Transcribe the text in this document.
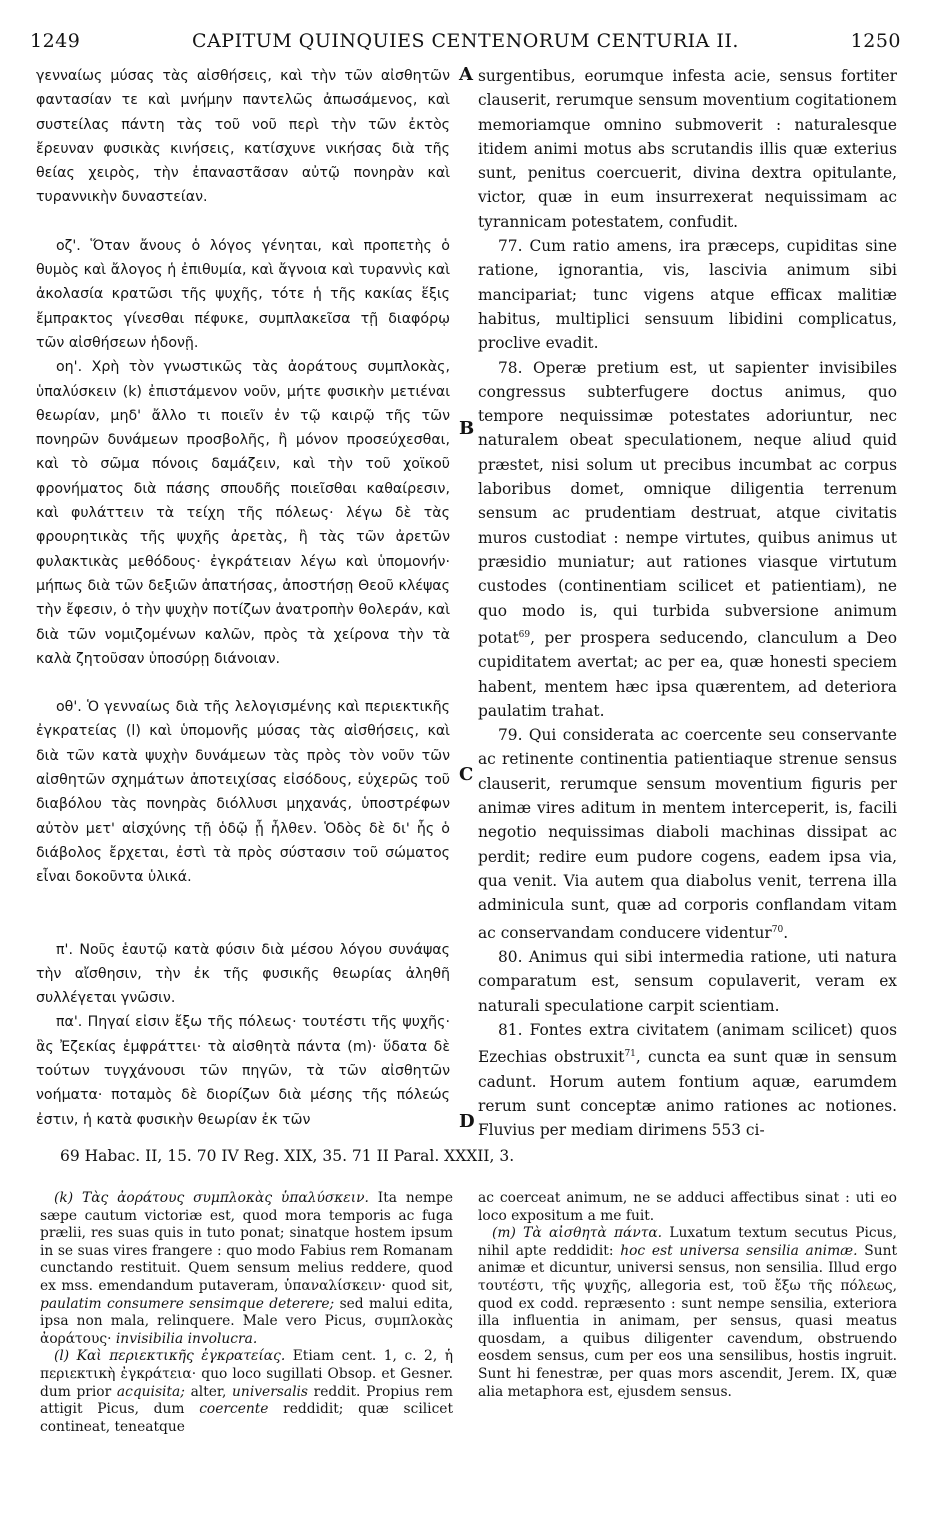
1249	CAPITUM QUINQUIES CENTENORUM CENTURIA II.	1250
A
B
C
D

γενναίως μύσας τὰς αἰσθήσεις, καὶ τὴν τῶν αἰσθητῶν φαντασίαν τε καὶ μνήμην παντελῶς ἀπωσάμενος, καὶ συστείλας πάντη τὰς τοῦ νοῦ περὶ τὴν τῶν ἐκτὸς ἔρευναν φυσικὰς κινήσεις, κατίσχυνε νικήσας διὰ τῆς θείας χειρὸς, τὴν ἐπαναστᾶσαν αὐτῷ πονηρὰν καὶ τυραννικὴν δυναστείαν.

οζ'. Ὅταν ἄνους ὁ λόγος γένηται, καὶ προπετὴς ὁ θυμὸς καὶ ἄλογος ἡ ἐπιθυμία, καὶ ἄγνοια καὶ τυραννὶς καὶ ἀκολασία κρατῶσι τῆς ψυχῆς, τότε ἡ τῆς κακίας ἕξις ἔμπρακτος γίνεσθαι πέφυκε, συμπλακεῖσα τῇ διαφόρῳ τῶν αἰσθήσεων ἡδονῇ.

οη'. Χρὴ τὸν γνωστικῶς τὰς ἀοράτους συμπλοκὰς, ὑπαλύσκειν (k) ἐπιστάμενον νοῦν, μήτε φυσικὴν μετιέναι θεωρίαν, μηδ' ἄλλο τι ποιεῖν ἐν τῷ καιρῷ τῆς τῶν πονηρῶν δυνάμεων προσβολῆς, ἢ μόνον προσεύχεσθαι, καὶ τὸ σῶμα πόνοις δαμάζειν, καὶ τὴν τοῦ χοϊκοῦ φρονήματος διὰ πάσης σπουδῆς ποιεῖσθαι καθαίρεσιν, καὶ φυλάττειν τὰ τείχη τῆς πόλεως· λέγω δὲ τὰς φρουρητικὰς τῆς ψυχῆς ἀρετὰς, ἢ τὰς τῶν ἀρετῶν φυλακτικὰς μεθόδους· ἐγκράτειαν λέγω καὶ ὑπομονήν· μήπως διὰ τῶν δεξιῶν ἀπατήσας, ἀποστήσῃ Θεοῦ κλέψας τὴν ἔφεσιν, ὁ τὴν ψυχὴν ποτίζων ἀνατροπὴν θολεράν, καὶ διὰ τῶν νομιζομένων καλῶν, πρὸς τὰ χείρονα τὴν τὰ καλὰ ζητοῦσαν ὑποσύρῃ διάνοιαν.

οθ'. Ὁ γενναίως διὰ τῆς λελογισμένης καὶ περιεκτικῆς ἐγκρατείας (l) καὶ ὑπομονῆς μύσας τὰς αἰσθήσεις, καὶ διὰ τῶν κατὰ ψυχὴν δυνάμεων τὰς πρὸς τὸν νοῦν τῶν αἰσθητῶν σχημάτων ἀποτειχίσας εἰσόδους, εὐχερῶς τοῦ διαβόλου τὰς πονηρὰς διόλλυσι μηχανάς, ὑποστρέφων αὐτὸν μετ' αἰσχύνης τῇ ὁδῷ ᾗ ἦλθεν. Ὁδὸς δὲ δι' ἧς ὁ διάβολος ἔρχεται, ἐστὶ τὰ πρὸς σύστασιν τοῦ σώματος εἶναι δοκοῦντα ὑλικά.

π'. Νοῦς ἑαυτῷ κατὰ φύσιν διὰ μέσου λόγου συνάψας τὴν αἴσθησιν, τὴν ἐκ τῆς φυσικῆς θεωρίας ἀληθῆ συλλέγεται γνῶσιν.

πα'. Πηγαί εἰσιν ἔξω τῆς πόλεως· τουτέστι τῆς ψυχῆς· ἃς Ἐζεκίας ἐμφράττει· τὰ αἰσθητὰ πάντα (m)· ὕδατα δὲ τούτων τυγχάνουσι τῶν πηγῶν, τὰ τῶν αἰσθητῶν νοήματα· ποταμὸς δὲ διορίζων διὰ μέσης τῆς πόλεώς ἐστιν, ἡ κατὰ φυσικὴν θεωρίαν ἐκ τῶν

surgentibus, eorumque infesta acie, sensus fortiter clauserit, rerumque sensum moventium cogitationem memoriamque omnino submoverit : naturalesque itidem animi motus abs scrutandis illis quæ exterius sunt, penitus coercuerit, divina dextra opitulante, victor, quæ in eum insurrexerat nequissimam ac tyrannicam potestatem, confudit.

77. Cum ratio amens, ira præceps, cupiditas sine ratione, ignorantia, vis, lascivia animum sibi mancipariat; tunc vigens atque efficax malitiæ habitus, multiplici sensuum libidini complicatus, proclive evadit.

78. Operæ pretium est, ut sapienter invisibiles congressus subterfugere doctus animus, quo tempore nequissimæ potestates adoriuntur, nec naturalem obeat speculationem, neque aliud quid præstet, nisi solum ut precibus incumbat ac corpus laboribus domet, omnique diligentia terrenum sensum ac prudentiam destruat, atque civitatis muros custodiat : nempe virtutes, quibus animus ut præsidio muniatur; aut rationes viasque virtutum custodes (continentiam scilicet et patientiam), ne quo modo is, qui turbida subversione animum potat$^{69}$, per prospera seducendo, clanculum a Deo cupiditatem avertat; ac per ea, quæ honesti speciem habent, mentem hæc ipsa quærentem, ad deteriora paulatim trahat.

79. Qui considerata ac coercente seu conservante ac retinente continentia patientiaque strenue sensus clauserit, rerumque sensum moventium figuris per animæ vires aditum in mentem interceperit, is, facili negotio nequissimas diaboli machinas dissipat ac perdit; redire eum pudore cogens, eadem ipsa via, qua venit. Via autem qua diabolus venit, terrena illa adminicula sunt, quæ ad corporis conflandam vitam ac conservandam conducere videntur$^{70}$.

80. Animus qui sibi intermedia ratione, uti natura comparatum est, sensum copulaverit, veram ex naturali speculatione carpit scientiam.

81. Fontes extra civitatem (animam scilicet) quos Ezechias obstruxit$^{71}$, cuncta ea sunt quæ in sensum cadunt. Horum autem fontium aquæ, earumdem rerum sunt conceptæ animo rationes ac notiones. Fluvius per mediam dirimens 553 ci-

69 Habac. II, 15. 70 IV Reg. XIX, 35. 71 II Paral. XXXII, 3.

(k) Τὰς ἀοράτους συμπλοκὰς ὑπαλύσκειν. Ita nempe sæpe cautum victoriæ est, quod mora temporis ac fuga prælii, res suas quis in tuto ponat; sinatque hostem ipsum in se suas vires frangere : quo modo Fabius rem Romanam cunctando restituit. Quem sensum melius reddere, quod ex mss. emendandum putaveram, ὑπαναλίσκειν· quod sit, paulatim consumere sensimque deterere; sed malui edita, ipsa non mala, relinquere. Male vero Picus, συμπλοκὰς ἀοράτους· invisibilia involucra.

(l) Καὶ περιεκτικῆς ἐγκρατείας. Etiam cent. 1, c. 2, ἡ περιεκτικὴ ἐγκράτεια· quo loco sugillati Obsop. et Gesner. dum prior acquisita; alter, universalis reddit. Propius rem attigit Picus, dum coercente reddidit; quæ scilicet contineat, teneatque

ac coerceat animum, ne se adduci affectibus sinat : uti eo loco expositum a me fuit.

(m) Τὰ αἰσθητὰ πάντα. Luxatum textum secutus Picus, nihil apte reddidit: hoc est universa sensilia animæ. Sunt animæ et dicuntur, universi sensus, non sensilia. Illud ergo τουτέστι, τῆς ψυχῆς, allegoria est, τοῦ ἔξω τῆς πόλεως, quod ex codd. repræsento : sunt nempe sensilia, exteriora illa influentia in animam, per sensus, quasi meatus quosdam, a quibus diligenter cavendum, obstruendo eosdem sensus, cum per eos una sensilibus, hostis ingruit. Sunt hi fenestræ, per quas mors ascendit, Jerem. IX, quæ alia metaphora est, ejusdem sensus.
